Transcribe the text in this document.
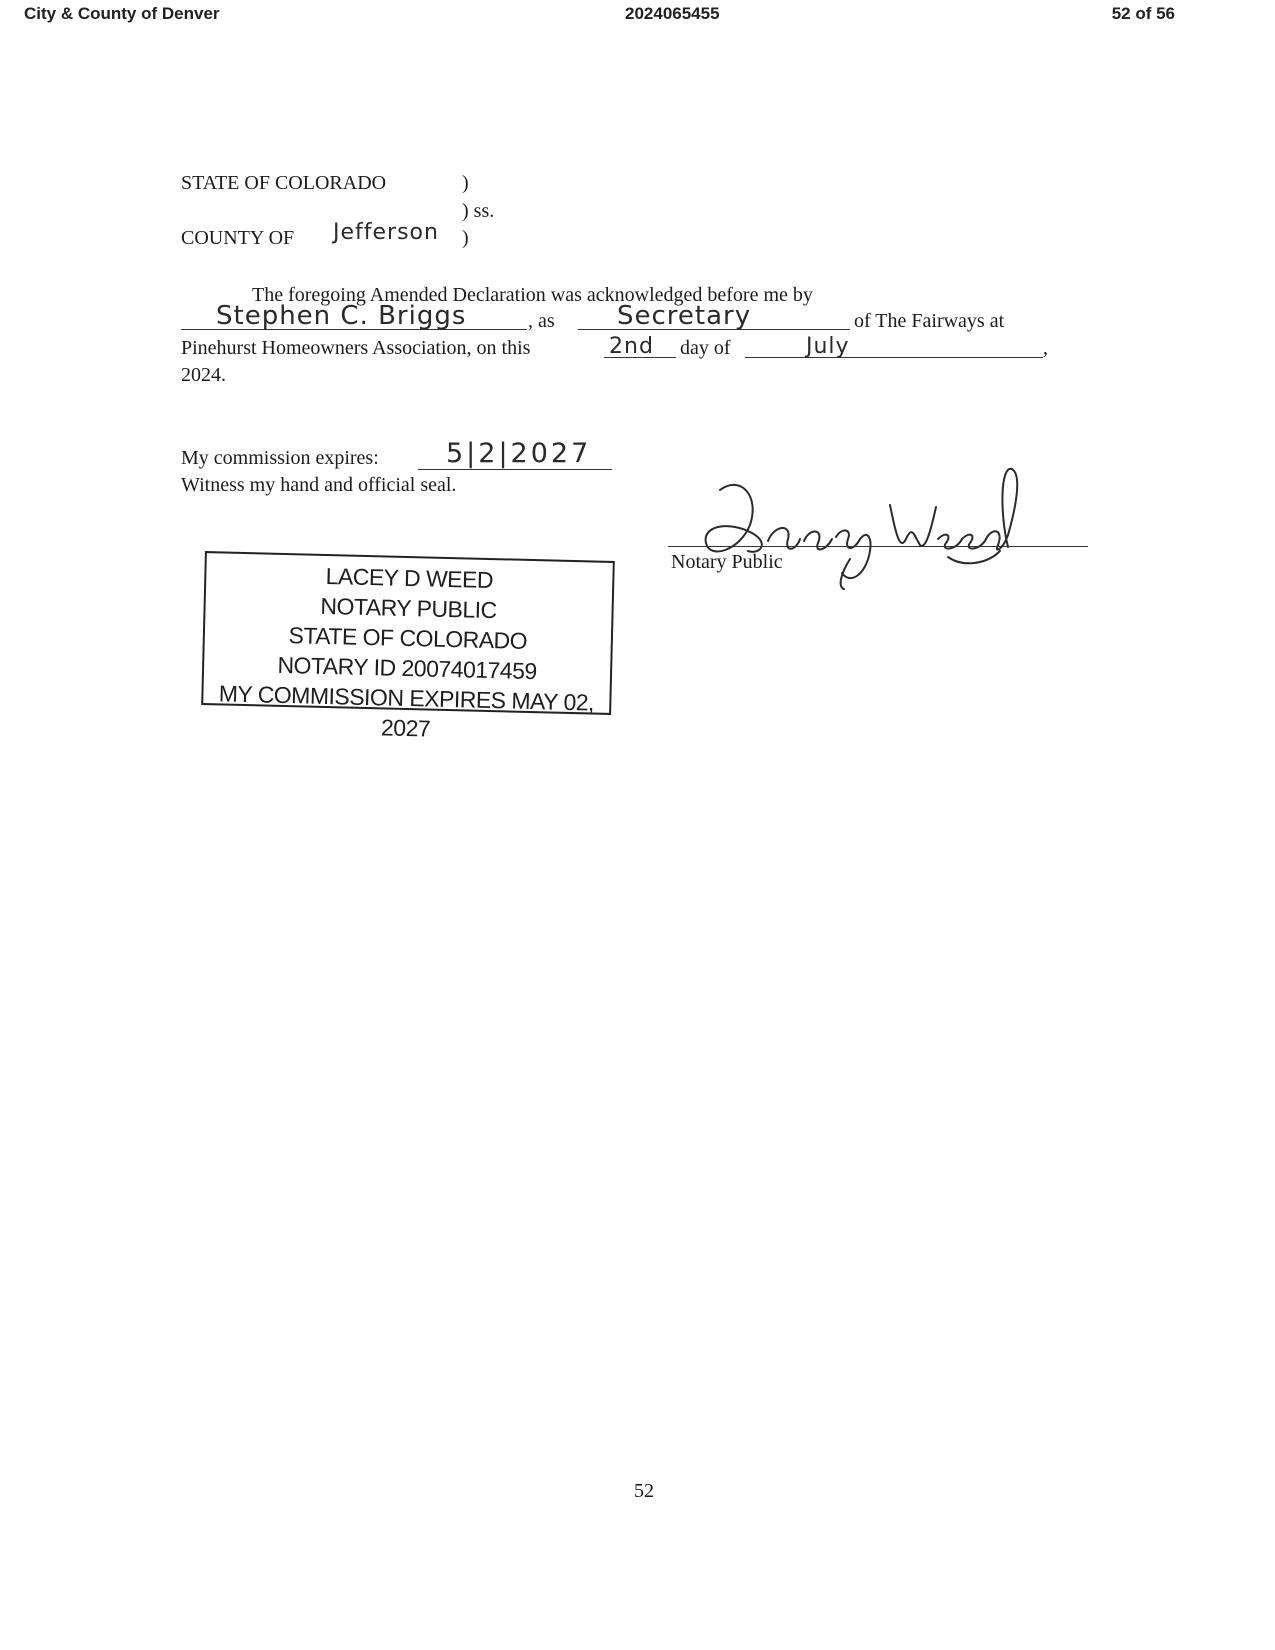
City & County of Denver	2024065455	52 of 56
STATE OF COLORADO	)
) ss.
COUNTY OF Jefferson )
The foregoing Amended Declaration was acknowledged before me by
Stephen C. Briggs	, as Secretary	of The Fairways at
Pinehurst Homeowners Association, on this	2nd day of	July	,
2024.
My commission expires: 5|2|2027
Witness my hand and official seal.
LACEY D WEED
NOTARY PUBLIC
STATE OF COLORADO
NOTARY ID 20074017459
MY COMMISSION EXPIRES MAY 02, 2027
Notary Public
52
